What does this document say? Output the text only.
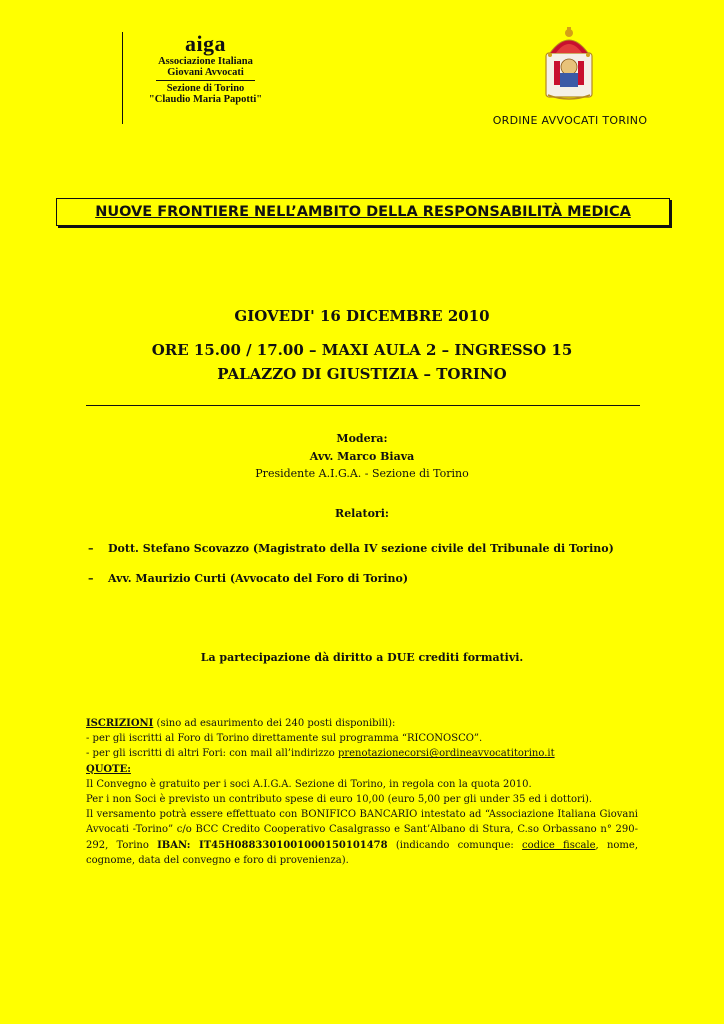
aiga
Associazione Italiana
Giovani Avvocati
Sezione di Torino
"Claudio Maria Papotti"
ORDINE AVVOCATI TORINO
NUOVE FRONTIERE NELL’AMBITO DELLA RESPONSABILITÀ MEDICA
GIOVEDI' 16 DICEMBRE 2010
ORE 15.00 / 17.00 – MAXI AULA 2 – INGRESSO 15
PALAZZO DI GIUSTIZIA – TORINO
Modera:
Avv. Marco Biava
Presidente A.I.G.A. - Sezione di Torino
Relatori:
– Dott. Stefano Scovazzo (Magistrato della IV sezione civile del Tribunale di Torino)
– Avv. Maurizio Curti (Avvocato del Foro di Torino)
La partecipazione dà diritto a DUE crediti formativi.
ISCRIZIONI (sino ad esaurimento dei 240 posti disponibili):
- per gli iscritti al Foro di Torino direttamente sul programma “RICONOSCO”.
- per gli iscritti di altri Fori: con mail all’indirizzo prenotazionecorsi@ordineavvocatitorino.it
QUOTE:
Il Convegno è gratuito per i soci A.I.G.A. Sezione di Torino, in regola con la quota 2010.
Per i non Soci è previsto un contributo spese di euro 10,00 (euro 5,00 per gli under 35 ed i dottori).
Il versamento potrà essere effettuato con BONIFICO BANCARIO intestato ad “Associazione Italiana Giovani Avvocati -Torino” c/o BCC Credito Cooperativo Casalgrasso e Sant’Albano di Stura, C.so Orbassano n° 290-292, Torino IBAN: IT45H0883301001000150101478 (indicando comunque: codice fiscale, nome, cognome, data del convegno e foro di provenienza).
